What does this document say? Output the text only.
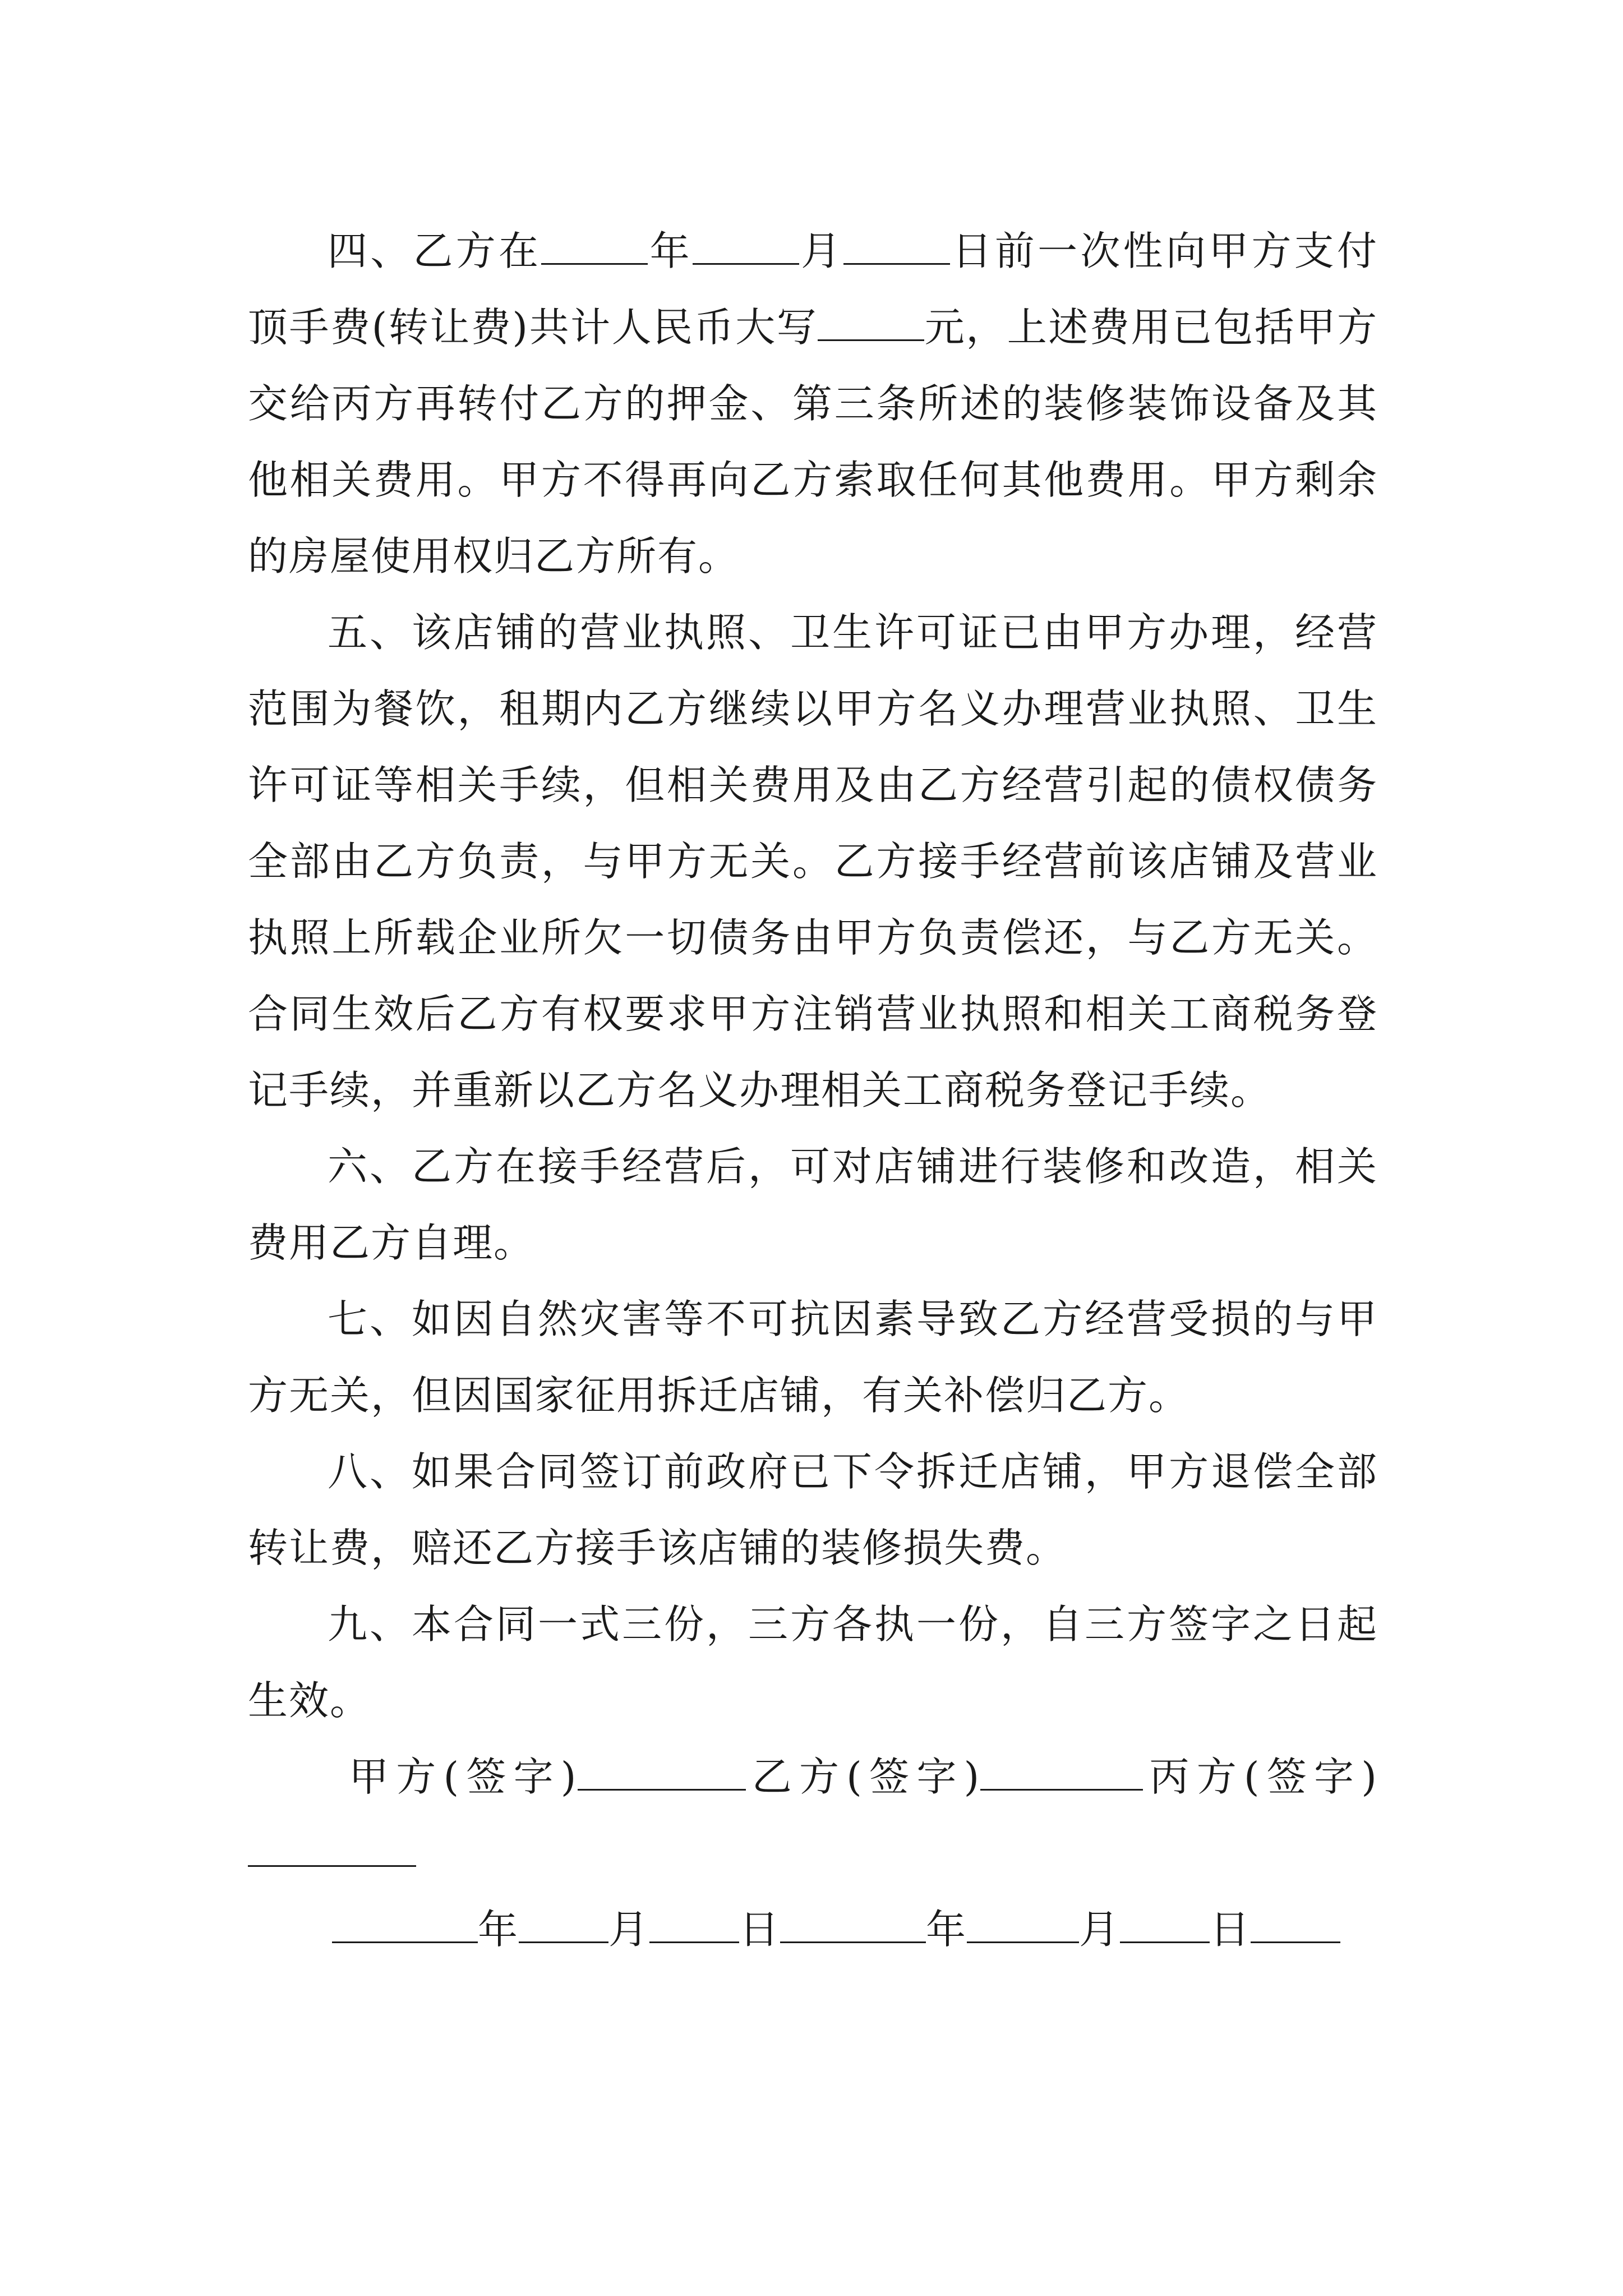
四、乙方在	年	月	日前一次性向甲方支付顶手费(转让费)共计人民币大写	元，上述费用已包括甲方交给丙方再转付乙方的押金、第三条所述的装修装饰设备及其他相关费用。甲方不得再向乙方索取任何其他费用。甲方剩余的房屋使用权归乙方所有。

五、该店铺的营业执照、卫生许可证已由甲方办理，经营范围为餐饮，租期内乙方继续以甲方名义办理营业执照、卫生许可证等相关手续，但相关费用及由乙方经营引起的债权债务全部由乙方负责，与甲方无关。乙方接手经营前该店铺及营业执照上所载企业所欠一切债务由甲方负责偿还，与乙方无关。合同生效后乙方有权要求甲方注销营业执照和相关工商税务登记手续，并重新以乙方名义办理相关工商税务登记手续。

六、乙方在接手经营后，可对店铺进行装修和改造，相关费用乙方自理。

七、如因自然灾害等不可抗因素导致乙方经营受损的与甲方无关，但因国家征用拆迁店铺，有关补偿归乙方。

八、如果合同签订前政府已下令拆迁店铺，甲方退偿全部转让费，赔还乙方接手该店铺的装修损失费。

九、本合同一式三份，三方各执一份，自三方签字之日起生效。

甲方(签字)	乙方(签字)	丙方(签字)

年 月 日	年	月 日
